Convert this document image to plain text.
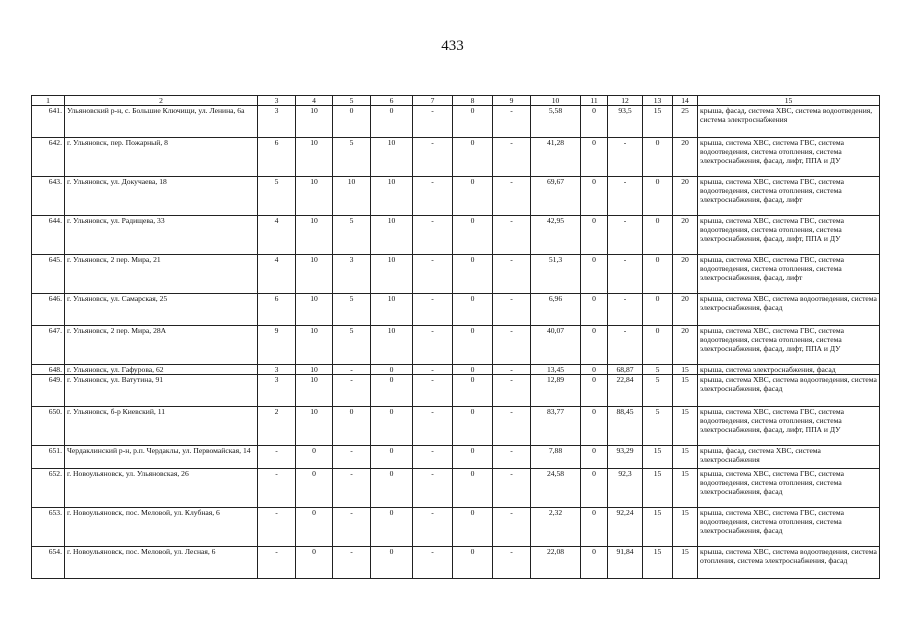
433
1	2	3	4	5	6	7	8	9	10	11	12	13	14	15
641.	Ульяновский р-н, с. Большие Ключищи, ул. Ленина, 6а	3	10	0	0	-	0	-	5,58	0	93,5	15	25	крыша, фасад, система ХВС, система водоотведения, система электроснабжения
642.	г. Ульяновск, пер. Пожарный, 8	6	10	5	10	-	0	-	41,28	0	-	0	20	крыша, система ХВС, система ГВС, система водоотведения, система отопления, система электроснабжения, фасад, лифт, ППА и ДУ
643.	г. Ульяновск, ул. Докучаева, 18	5	10	10	10	-	0	-	69,67	0	-	0	20	крыша, система ХВС, система ГВС, система водоотведения, система отопления, система электроснабжения, фасад, лифт
644.	г. Ульяновск, ул. Радищева, 33	4	10	5	10	-	0	-	42,95	0	-	0	20	крыша, система ХВС, система ГВС, система водоотведения, система отопления, система электроснабжения, фасад, лифт, ППА и ДУ
645.	г. Ульяновск, 2 пер. Мира, 21	4	10	3	10	-	0	-	51,3	0	-	0	20	крыша, система ХВС, система ГВС, система водоотведения, система отопления, система электроснабжения, фасад, лифт
646.	г. Ульяновск, ул. Самарская, 25	6	10	5	10	-	0	-	6,96	0	-	0	20	крыша, система ХВС, система водоотведения, система электроснабжения, фасад
647.	г. Ульяновск, 2 пер. Мира, 28А	9	10	5	10	-	0	-	40,07	0	-	0	20	крыша, система ХВС, система ГВС, система водоотведения, система отопления, система электроснабжения, фасад, лифт, ППА и ДУ
648.	г. Ульяновск, ул. Гафурова, 62	3	10	-	0	-	0	-	13,45	0	68,87	5	15	крыша, система электроснабжения, фасад
649.	г. Ульяновск, ул. Ватутина, 91	3	10	-	0	-	0	-	12,89	0	22,84	5	15	крыша, система ХВС, система водоотведения, система электроснабжения, фасад
650.	г. Ульяновск, б-р Киевский, 11	2	10	0	0	-	0	-	83,77	0	88,45	5	15	крыша, система ХВС, система ГВС, система водоотведения, система отопления, система электроснабжения, фасад, лифт, ППА и ДУ
651.	Чердаклинский р-н, р.п. Чердаклы, ул. Первомайская, 14	-	0	-	0	-	0	-	7,88	0	93,29	15	15	крыша, фасад, система ХВС, система электроснабжения
652.	г. Новоульяновск, ул. Ульяновская, 26	-	0	-	0	-	0	-	24,58	0	92,3	15	15	крыша, система ХВС, система ГВС, система водоотведения, система отопления, система электроснабжения, фасад
653.	г. Новоульяновск, пос. Меловой, ул. Клубная, 6	-	0	-	0	-	0	-	2,32	0	92,24	15	15	крыша, система ХВС, система ГВС, система водоотведения, система отопления, система электроснабжения, фасад
654.	г. Новоульяновск, пос. Меловой, ул. Лесная, 6	-	0	-	0	-	0	-	22,08	0	91,84	15	15	крыша, система ХВС, система водоотведения, система отопления, система электроснабжения, фасад
